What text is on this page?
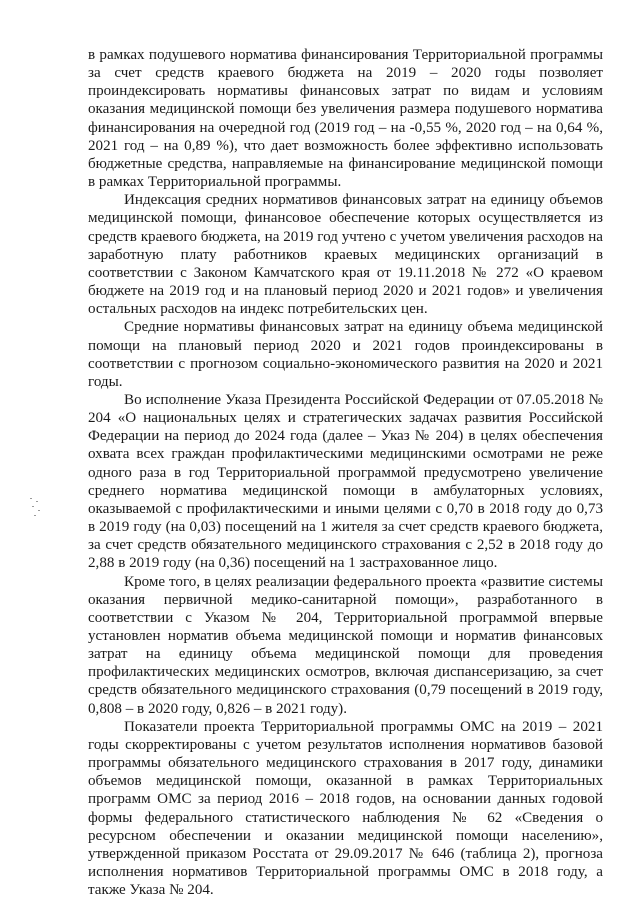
в рамках подушевого норматива финансирования Территориальной программы за счет средств краевого бюджета на 2019 – 2020 годы позволяет проиндексировать нормативы финансовых затрат по видам и условиям оказания медицинской помощи без увеличения размера подушевого норматива финансирования на очередной год (2019 год – на -0,55 %, 2020 год – на 0,64 %, 2021 год – на 0,89 %), что дает возможность более эффективно использовать бюджетные средства, направляемые на финансирование медицинской помощи в рамках Территориальной программы.

Индексация средних нормативов финансовых затрат на единицу объемов медицинской помощи, финансовое обеспечение которых осуществляется из средств краевого бюджета, на 2019 год учтено с учетом увеличения расходов на заработную плату работников краевых медицинских организаций в соответствии с Законом Камчатского края от 19.11.2018 № 272 «О краевом бюджете на 2019 год и на плановый период 2020 и 2021 годов» и увеличения остальных расходов на индекс потребительских цен.

Средние нормативы финансовых затрат на единицу объема медицинской помощи на плановый период 2020 и 2021 годов проиндексированы в соответствии с прогнозом социально-экономического развития на 2020 и 2021 годы.

Во исполнение Указа Президента Российской Федерации от 07.05.2018 № 204 «О национальных целях и стратегических задачах развития Российской Федерации на период до 2024 года (далее – Указ № 204) в целях обеспечения охвата всех граждан профилактическими медицинскими осмотрами не реже одного раза в год Территориальной программой предусмотрено увеличение среднего норматива медицинской помощи в амбулаторных условиях, оказываемой с профилактическими и иными целями с 0,70 в 2018 году до 0,73 в 2019 году (на 0,03) посещений на 1 жителя за счет средств краевого бюджета, за счет средств обязательного медицинского страхования с 2,52 в 2018 году до 2,88 в 2019 году (на 0,36) посещений на 1 застрахованное лицо.

Кроме того, в целях реализации федерального проекта «развитие системы оказания первичной медико-санитарной помощи», разработанного в соответствии с Указом № 204, Территориальной программой впервые установлен норматив объема медицинской помощи и норматив финансовых затрат на единицу объема медицинской помощи для проведения профилактических медицинских осмотров, включая диспансеризацию, за счет средств обязательного медицинского страхования (0,79 посещений в 2019 году, 0,808 – в 2020 году, 0,826 – в 2021 году).

Показатели проекта Территориальной программы ОМС на 2019 – 2021 годы скорректированы с учетом результатов исполнения нормативов базовой программы обязательного медицинского страхования в 2017 году, динамики объемов медицинской помощи, оказанной в рамках Территориальных программ ОМС за период 2016 – 2018 годов, на основании данных годовой формы федерального статистического наблюдения № 62 «Сведения о ресурсном обеспечении и оказании медицинской помощи населению», утвержденной приказом Росстата от 29.09.2017 № 646 (таблица 2), прогноза исполнения нормативов Территориальной программы ОМС в 2018 году, а также Указа № 204.
